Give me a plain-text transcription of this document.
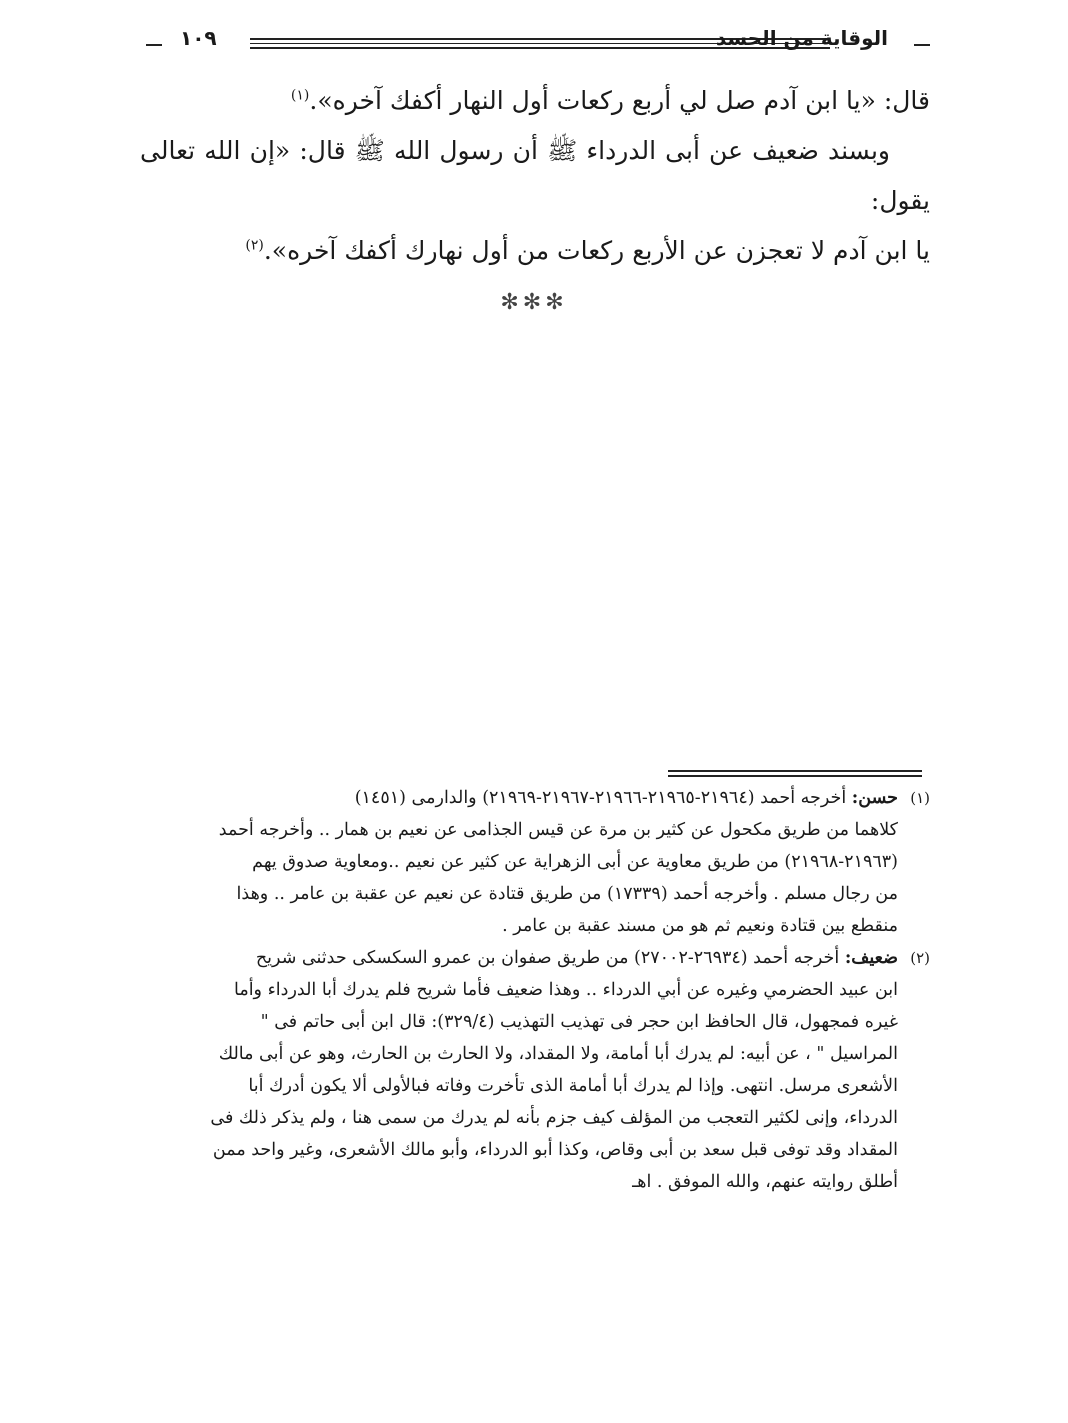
١٠٩	الوقاية من الحسد

قال: «يا ابن آدم صل لي أربع ركعات أول النهار أكفك آخره».$^{(١)}$

وبسند ضعيف عن أبى الدرداء ﷺ أن رسول الله ﷺ قال: «إن الله تعالى يقول:

يا ابن آدم لا تعجزن عن الأربع ركعات من أول نهارك أكفك آخره».$^{(٢)}$

✻✻✻
(١)
حسن: أخرجه أحمد (٢١٩٦٤-٢١٩٦٥-٢١٩٦٦-٢١٩٦٧-٢١٩٦٩) والدارمى (١٤٥١)
كلاهما من طريق مكحول عن كثير بن مرة عن قيس الجذامى عن نعيم بن همار .. وأخرجه أحمد
(٢١٩٦٣-٢١٩٦٨) من طريق معاوية عن أبى الزهراية عن كثير عن نعيم ..ومعاوية صدوق يهم
من رجال مسلم . وأخرجه أحمد (١٧٣٣٩) من طريق قتادة عن نعيم عن عقبة بن عامر .. وهذا
منقطع بين قتادة ونعيم ثم هو من مسند عقبة بن عامر .
(٢)
ضعيف: أخرجه أحمد (٢٦٩٣٤-٢٧٠٠٢) من طريق صفوان بن عمرو السكسكى حدثنى شريح
ابن عبيد الحضرمي وغيره عن أبي الدرداء .. وهذا ضعيف فأما شريح فلم يدرك أبا الدرداء وأما
غيره فمجهول، قال الحافظ ابن حجر فى تهذيب التهذيب (٣٢٩/٤): قال ابن أبى حاتم فى "
المراسيل " ، عن أبيه: لم يدرك أبا أمامة، ولا المقداد، ولا الحارث بن الحارث، وهو عن أبى مالك
الأشعرى مرسل. انتهى. وإذا لم يدرك أبا أمامة الذى تأخرت وفاته فبالأولى ألا يكون أدرك أبا
الدرداء، وإنى لكثير التعجب من المؤلف كيف جزم بأنه لم يدرك من سمى هنا ، ولم يذكر ذلك فى
المقداد وقد توفى قبل سعد بن أبى وقاص، وكذا أبو الدرداء، وأبو مالك الأشعرى، وغير واحد ممن
أطلق روايته عنهم، والله الموفق . اهـ
